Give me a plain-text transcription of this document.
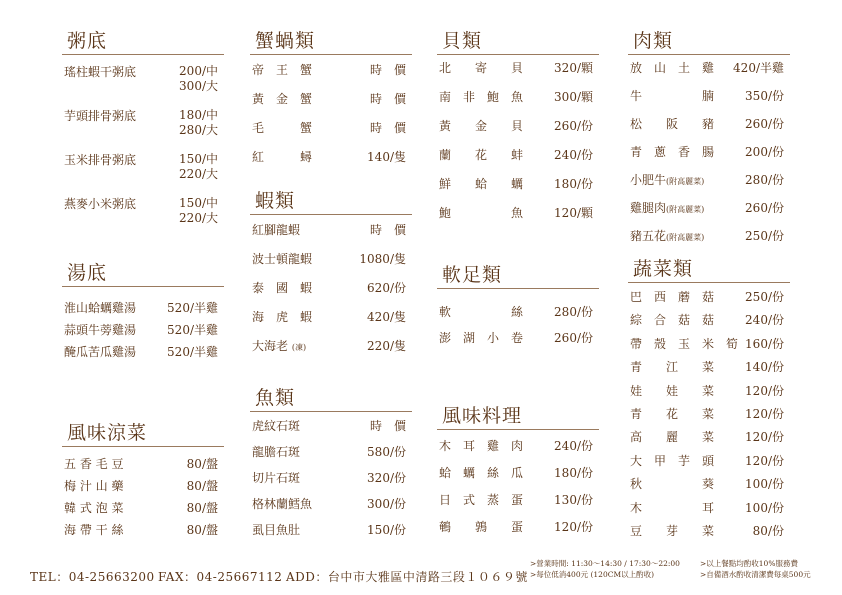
粥底
瑤柱蝦干粥底	200/中
300/大
芋頭排骨粥底	180/中
280/大
玉米排骨粥底	150/中
220/大
燕麥小米粥底	150/中
220/大
湯底
淮山蛤蠣雞湯	520/半雞
蒜頭牛蒡雞湯	520/半雞
醃瓜苦瓜雞湯	520/半雞
風味涼菜
五 香 毛 豆	80/盤
梅 汁 山 藥	80/盤
韓 式 泡 菜	80/盤
海 帶 干 絲	80/盤
蟹蝸類
帝　王　蟹	時　價
黃　金　蟹	時　價
毛　　　蟹	時　價
紅　　　蟳	140/隻
蝦類
紅腳龍蝦	時　價
波士頓龍蝦	1080/隻
泰　國　蝦	620/份
海　虎　蝦	420/隻
大海老 (凍)	220/隻
魚類
虎紋石斑	時　價
龍膽石斑	580/份
切片石斑	320/份
格林蘭鱈魚	300/份
虱目魚肚	150/份
貝類
北　　寄　　貝	320/顆
南　非　鮑　魚	300/顆
黃　　金　　貝	260/份
蘭　　花　　蚌	240/份
鮮　　蛤　　蠣	180/份
鮑　　　　　魚	120/顆
軟足類
軟　　　　　絲	280/份
澎　湖　小　卷	260/份
風味料理
木　耳　雞　肉	240/份
蛤　蠣　絲　瓜	180/份
日　式　蒸　蛋	130/份
鵪　　鶉　　蛋	120/份
肉類
放　山　土　雞 420/半雞
牛　　　　　腩	350/份
松　　阪　　豬	260/份
青　蔥　香　腸	200/份
小肥牛(附高麗菜)	280/份
雞腿肉(附高麗菜)	260/份
豬五花(附高麗菜)	250/份
蔬菜類
巴　西　蘑　菇	250/份
綜　合　菇　菇	240/份
帶　殼　玉　米　筍 160/份
青　　江　　菜	140/份
娃　　娃　　菜	120/份
青　　花　　菜	120/份
高　　麗　　菜	120/份
大　甲　芋　頭	120/份
秋　　　　　葵	100/份
木　　　　　耳	100/份
豆　　芽　　菜	80/份
TEL：04-25663200 FAX：04-25667112 ADD：台中市大雅區中清路三段１０６９號
>營業時間: 11:30～14:30 / 17:30～22:00
>每位低消400元 (120CM以上酌收)
>以上餐點均酌收10%服務費
>自備酒水酌收清潔費每桌500元
